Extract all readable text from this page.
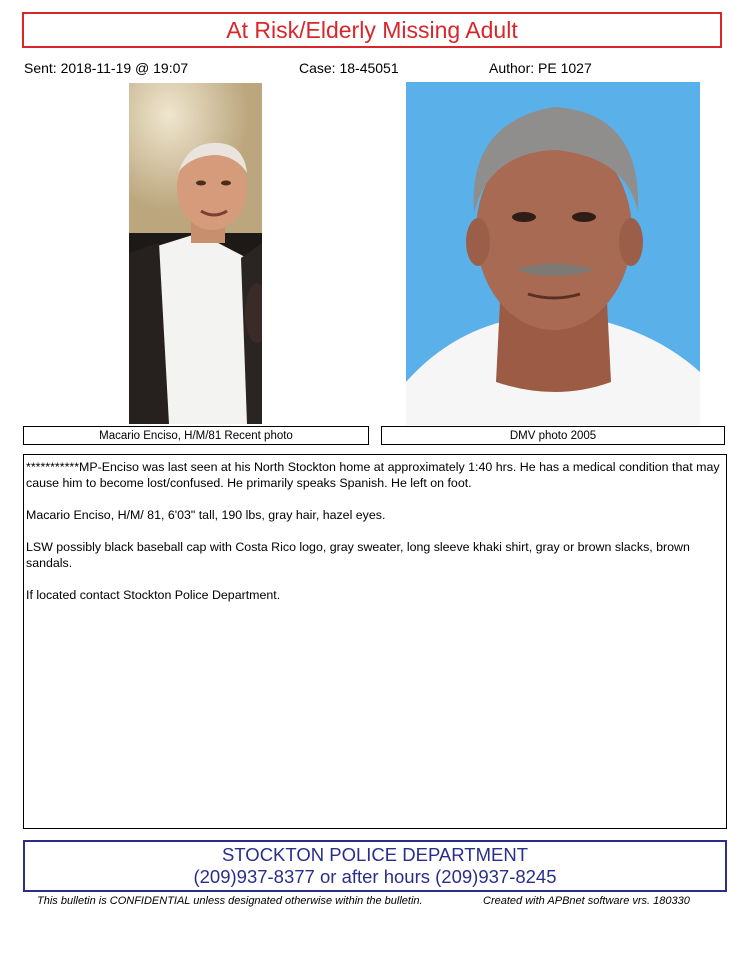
At Risk/Elderly Missing Adult
Sent: 2018-11-19 @ 19:07	Case: 18-45051	Author: PE 1027
Macario Enciso, H/M/81 Recent photo	DMV photo 2005

***********MP-Enciso was last seen at his North Stockton home at approximately 1:40 hrs. He has a medical condition that may cause him to become lost/confused. He primarily speaks Spanish. He left on foot.

Macario Enciso, H/M/ 81, 6'03" tall, 190 lbs, gray hair, hazel eyes.

LSW possibly black baseball cap with Costa Rico logo, gray sweater, long sleeve khaki shirt, gray or brown slacks, brown sandals.

If located contact Stockton Police Department.

STOCKTON POLICE DEPARTMENT
(209)937-8377 or after hours (209)937-8245
This bulletin is CONFIDENTIAL unless designated otherwise within the bulletin.	Created with APBnet software vrs. 180330
